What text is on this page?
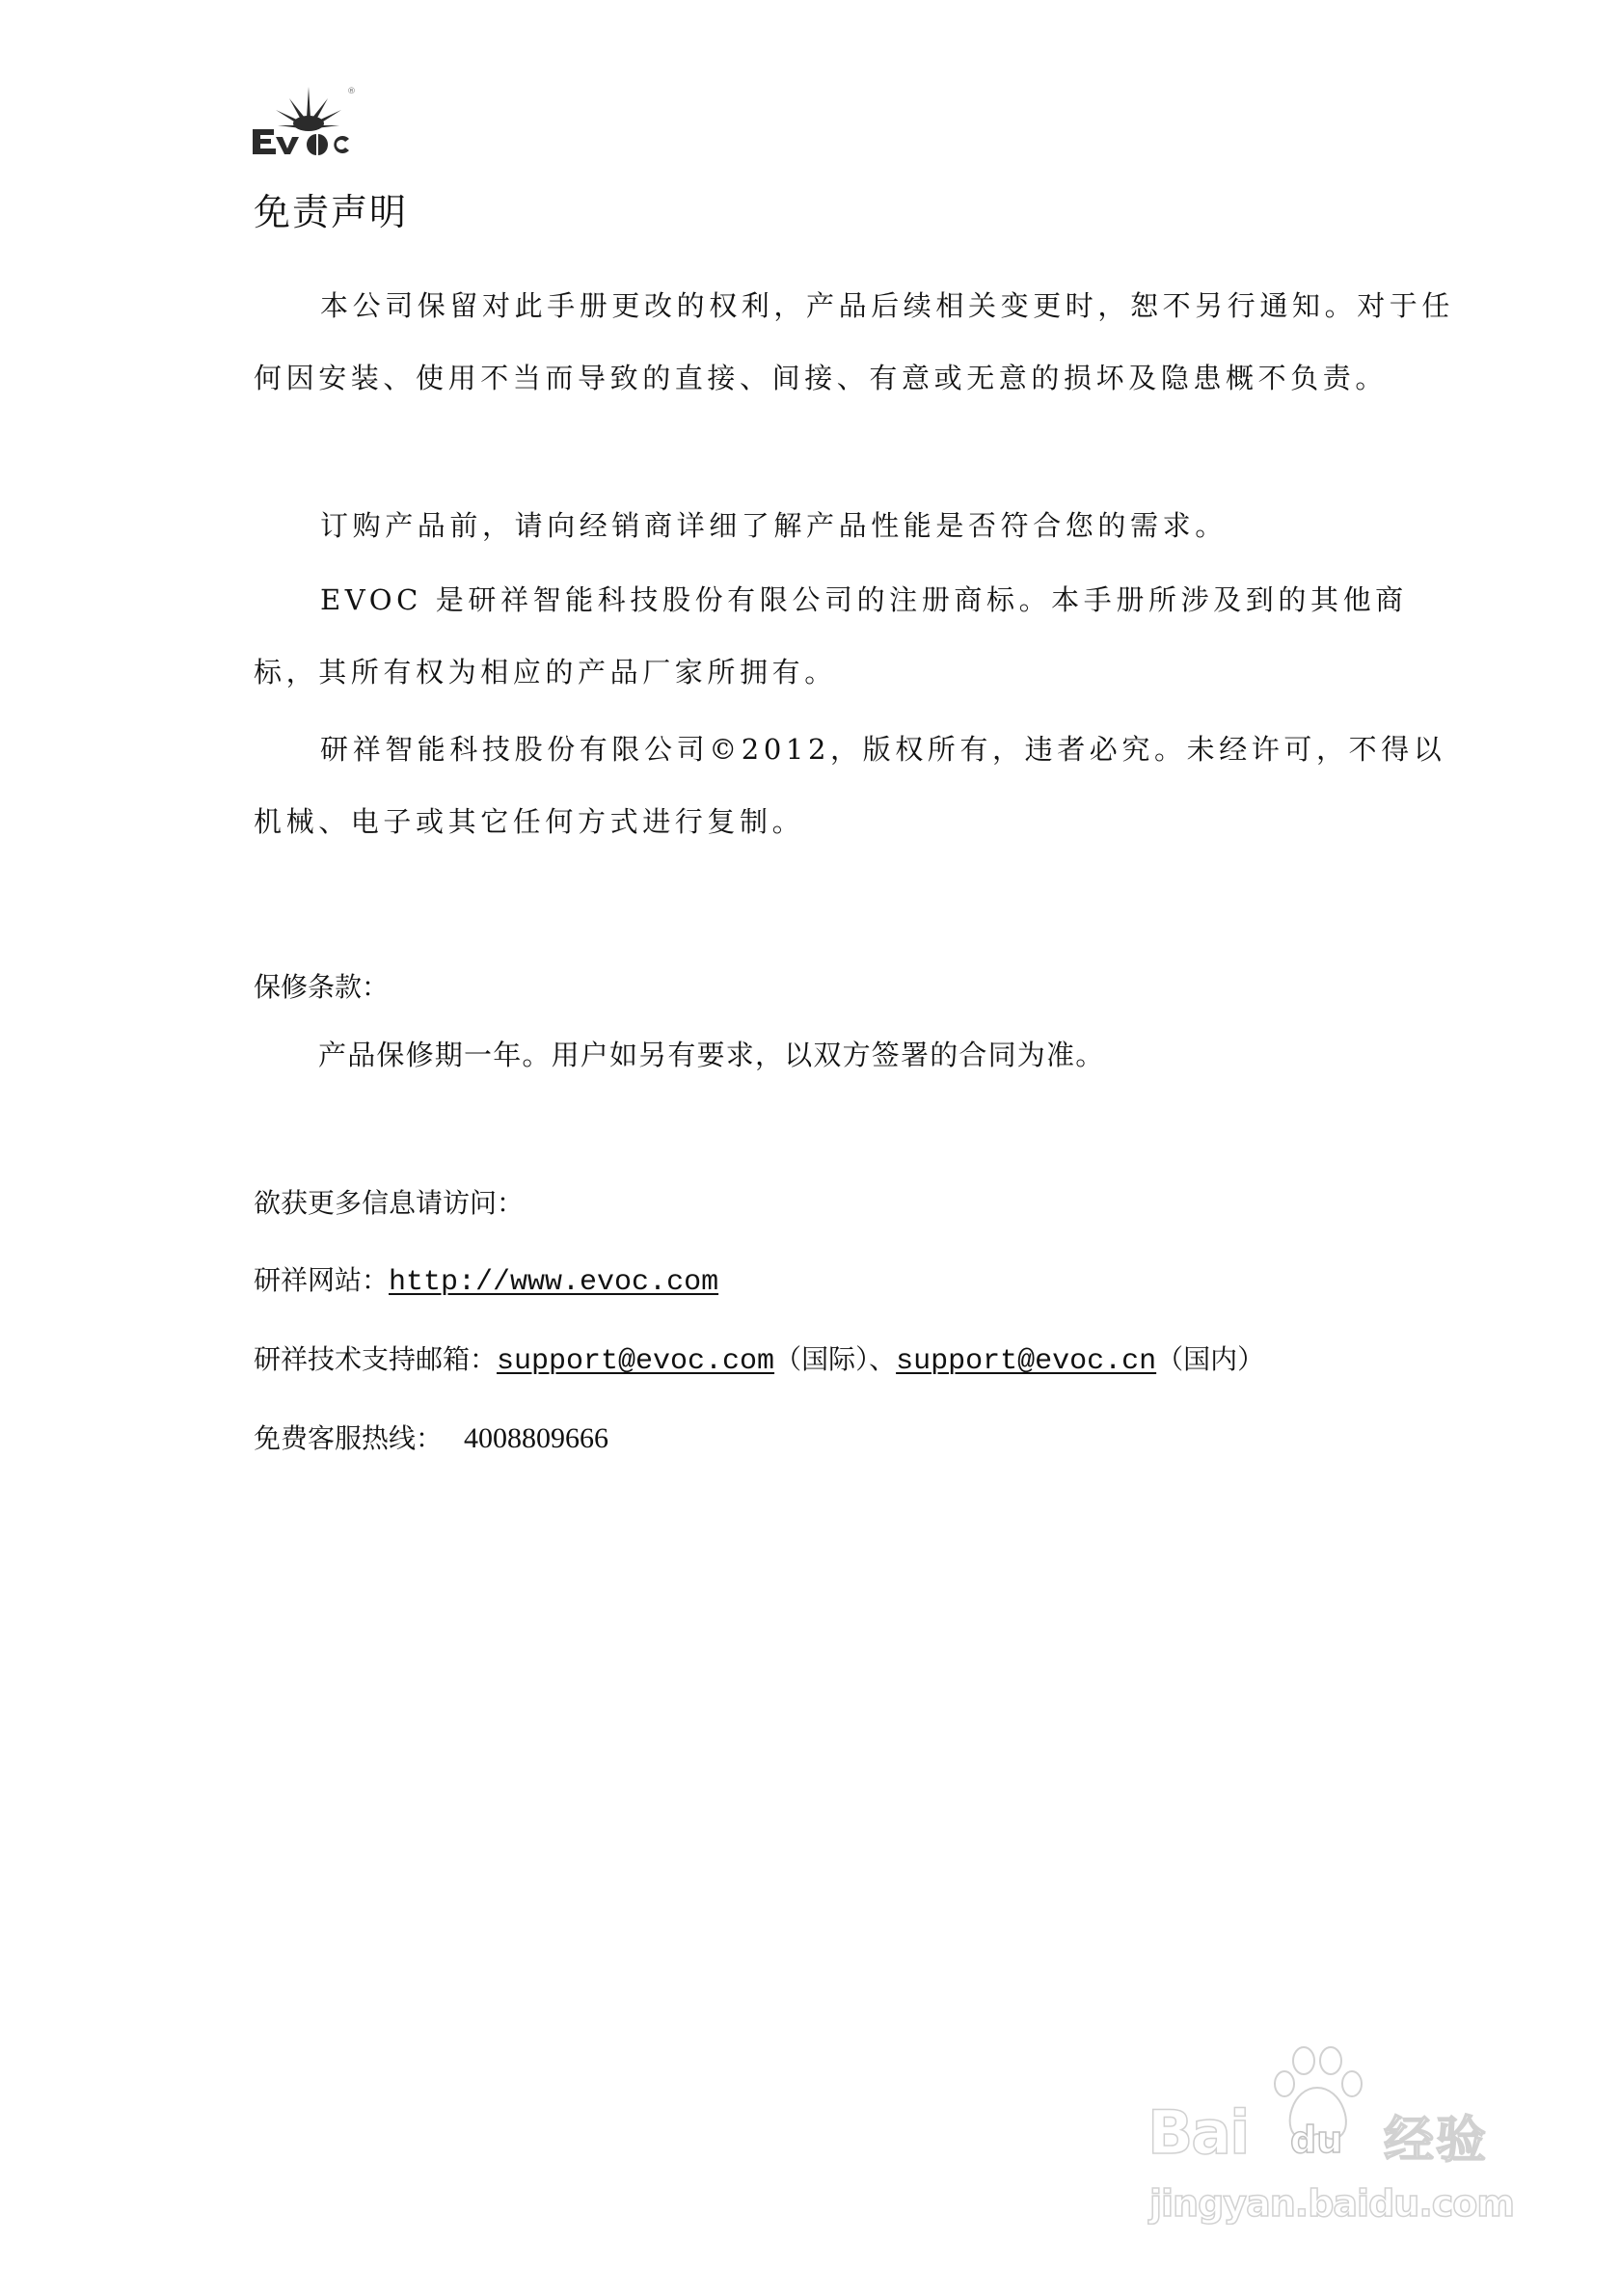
®
免责声明

本公司保留对此手册更改的权利，产品后续相关变更时，恕不另行通知。对于任何因安装、使用不当而导致的直接、间接、有意或无意的损坏及隐患概不负责。

订购产品前，请向经销商详细了解产品性能是否符合您的需求。

EVOC 是研祥智能科技股份有限公司的注册商标。本手册所涉及到的其他商标，其所有权为相应的产品厂家所拥有。

研祥智能科技股份有限公司©2012，版权所有，违者必究。未经许可，不得以机械、电子或其它任何方式进行复制。

保修条款：

产品保修期一年。用户如另有要求，以双方签署的合同为准。

欲获更多信息请访问：
研祥网站：http://www.evoc.com
研祥技术支持邮箱：support@evoc.com（国际）、support@evoc.cn（国内）
免费客服热线： 4008809666
Bai du 经验
jingyan.baidu.com
